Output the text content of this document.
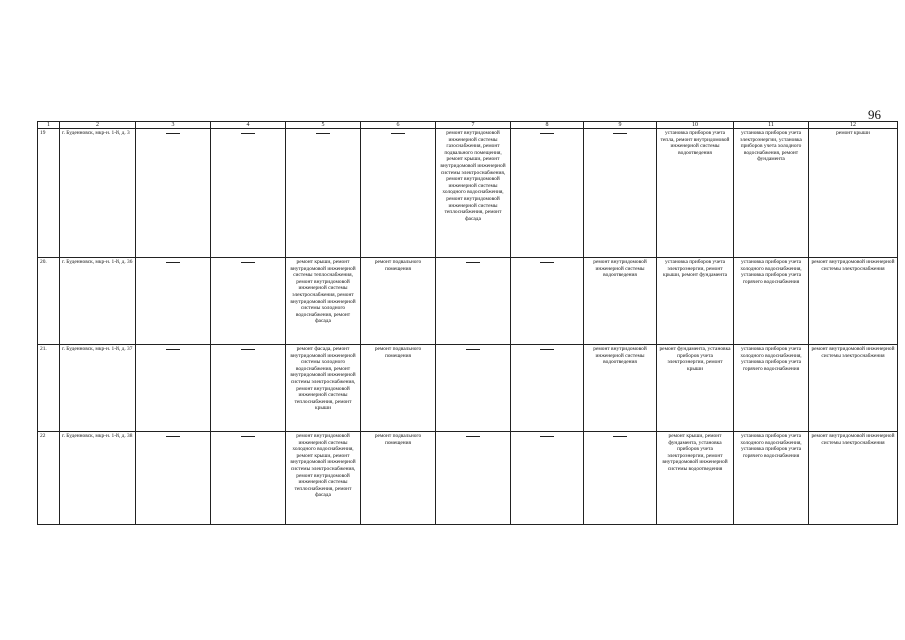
96
1	2	3	4	5	6	7	8	9	10	11	12
19	г. Буденновск, мкр-н. 1-й, д. 3					ремонт внутридомовой инженерной системы газоснабжения, ремонт подвального помещения, ремонт крыши, ремонт внутридомовой инженерной системы электроснабжения, ремонт внутридомовой инженерной системы холодного водоснабжения, ремонт внутридомовой инженерной системы теплоснабжения, ремонт фасада			установка приборов учета тепла, ремонт внутридомовой инженерной системы водоотведения	установка приборов учета электроэнергии, установка приборов учета холодного водоснабжения, ремонт фундамента	ремонт крыши
20.	г. Буденновск, мкр-н. 1-й, д. 36			ремонт крыши, ремонт внутридомовой инженерной системы теплоснабжения, ремонт внутридомовой инженерной системы электроснабжения, ремонт внутридомовой инженерной системы холодного водоснабжения, ремонт фасада	ремонт подвального помещения			ремонт внутридомовой инженерной системы водоотведения	установка приборов учета электроэнергии, ремонт крыши, ремонт фундамента	установка приборов учета холодного водоснабжения, установка приборов учета горячего водоснабжения	ремонт внутридомовой инженерной системы электроснабжения
21.	г. Буденновск, мкр-н. 1-й, д. 37			ремонт фасада, ремонт внутридомовой инженерной системы холодного водоснабжения, ремонт внутридомовой инженерной системы электроснабжения, ремонт внутридомовой инженерной системы теплоснабжения, ремонт крыши	ремонт подвального помещения			ремонт внутридомовой инженерной системы водоотведения	ремонт фундамента, установка приборов учета электроэнергии, ремонт крыши	установка приборов учета холодного водоснабжения, установка приборов учета горячего водоснабжения	ремонт внутридомовой инженерной системы электроснабжения
22	г. Буденновск, мкр-н. 1-й, д. 38			ремонт внутридомовой инженерной системы холодного водоснабжения, ремонт крыши, ремонт внутридомовой инженерной системы электроснабжения, ремонт внутридомовой инженерной системы теплоснабжения, ремонт фасада	ремонт подвального помещения				ремонт крыши, ремонт фундамента, установка приборов учета электроэнергии, ремонт внутридомовой инженерной системы водоотведения	установка приборов учета холодного водоснабжения, установка приборов учета горячего водоснабжения	ремонт внутридомовой инженерной системы электроснабжения
